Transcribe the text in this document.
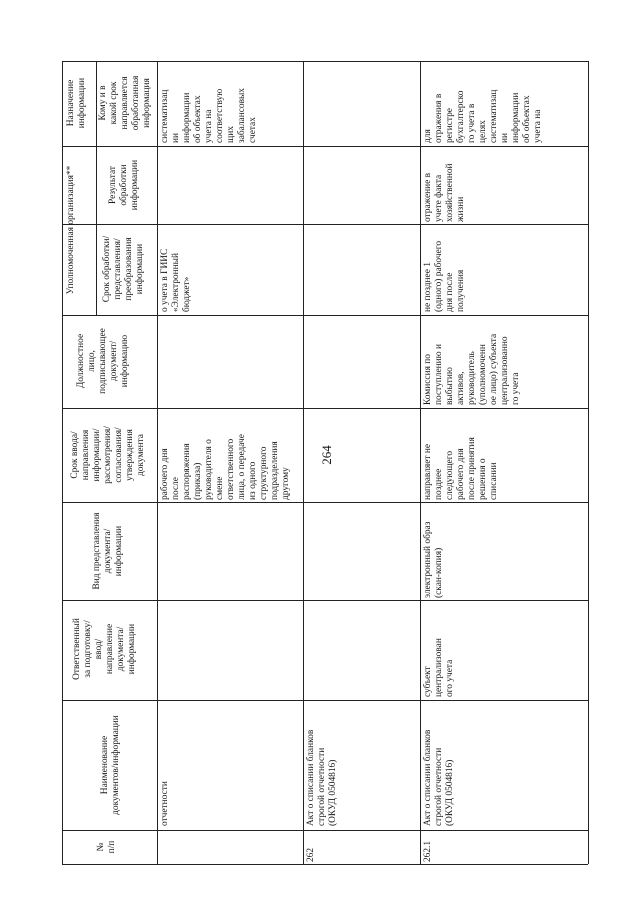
264
№
п/п
Наименование
документов/информации
Ответственный
за подготовку/
ввод/
направление
документа/
информации
Вид представления
документа/
информации
Срок ввода/
направления
информации/
рассмотрения/
согласования/
утверждения
документа
Должностное
лицо,
подписывающее
документ/
информацию
Уполномоченная организация**	Срок обработки/
представления/
преобразования
информации
Результат
обработки
информации
Назначение информации	Кому и в
какой срок
направляется
обработанная
информация
отчетности
рабочего дня
после
распоряжения
(приказа)
руководителя о
смене
ответственного
лица, о передаче
из одного
структурного
подразделения
другому
о учета в ГИИС
«Электронный
бюджет»
систематизац
ии
информации
об объектах
учета на
соответствую
щих
забалансовых
счетах
262
Акт о списании бланков
строгой отчетности
(ОКУД 0504816)
262.1
Акт о списании бланков
строгой отчетности
(ОКУД 0504816)
субъект
централизован
ого учета
электронный образ
(скан-копия)
направляет не
позднее
следующего
рабочего дня
после принятия
решения о
списании
Комиссия по
поступлению и
выбытию
активов,
руководитель
(уполномоченн
ое лицо) субъекта
централизованно
го учета
не позднее 1
(одного) рабочего
дня после
получения
отражение в
учете факта
хозяйственной
жизни
для
отражения в
регистре
бухгалтерско
го учета в
целях
систематизац
ии
информации
об объектах
учета на
